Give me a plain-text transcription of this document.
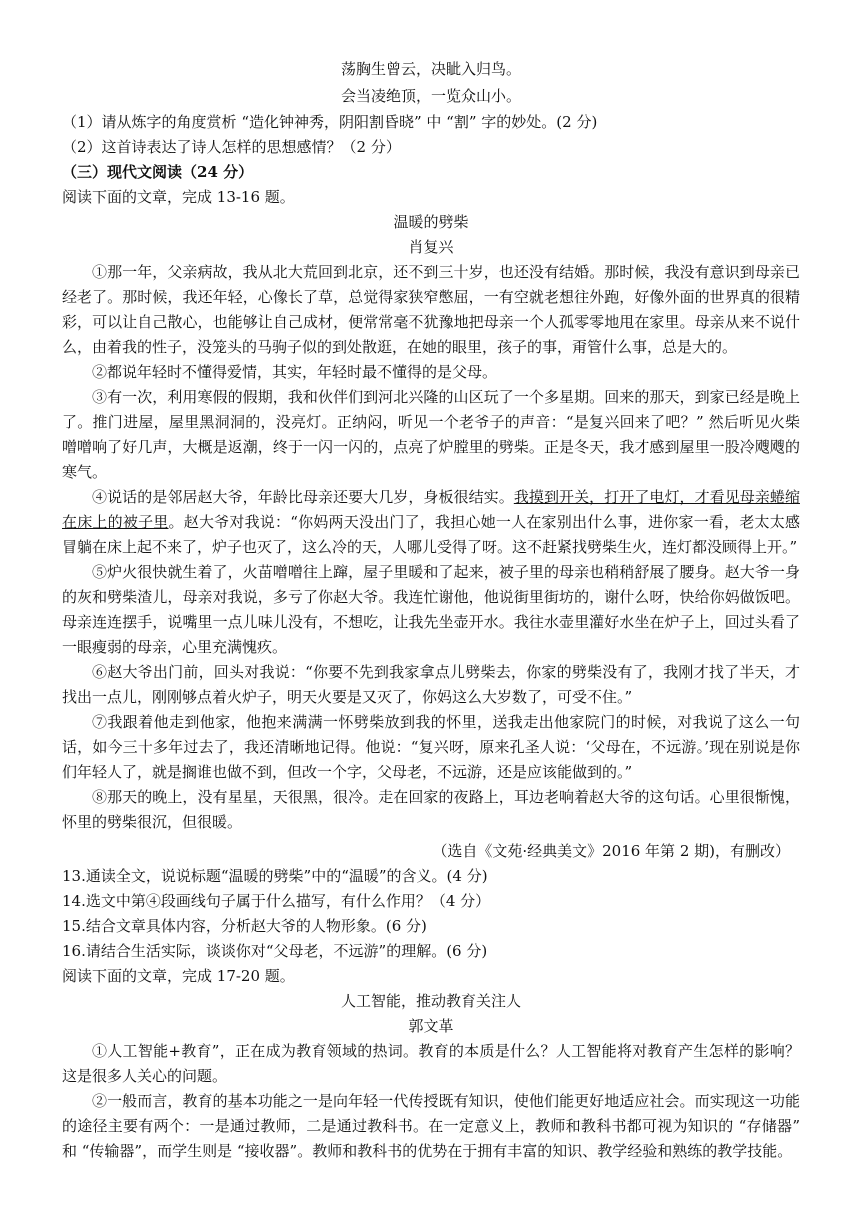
荡胸生曾云，决眦入归鸟。
会当凌绝顶，一览众山小。
（1）请从炼字的角度赏析 “造化钟神秀，阴阳割昏晓” 中 “割” 字的妙处。(2 分)
（2）这首诗表达了诗人怎样的思想感情？（2 分）
（三）现代文阅读（24 分）
阅读下面的文章，完成 13-16 题。
温暖的劈柴
肖复兴

①那一年，父亲病故，我从北大荒回到北京，还不到三十岁，也还没有结婚。那时候，我没有意识到母亲已经老了。那时候，我还年轻，心像长了草，总觉得家狭窄憋屈，一有空就老想往外跑，好像外面的世界真的很精彩，可以让自己散心，也能够让自己成材，便常常毫不犹豫地把母亲一个人孤零零地甩在家里。母亲从来不说什么，由着我的性子，没笼头的马驹子似的到处散逛，在她的眼里，孩子的事，甭管什么事，总是大的。

②都说年轻时不懂得爱情，其实，年轻时最不懂得的是父母。

③有一次，利用寒假的假期，我和伙伴们到河北兴隆的山区玩了一个多星期。回来的那天，到家已经是晚上了。推门进屋，屋里黑洞洞的，没亮灯。正纳闷，听见一个老爷子的声音：“是复兴回来了吧？” 然后听见火柴噌噌响了好几声，大概是返潮，终于一闪一闪的，点亮了炉膛里的劈柴。正是冬天，我才感到屋里一股冷飕飕的寒气。

④说话的是邻居赵大爷，年龄比母亲还要大几岁，身板很结实。我摸到开关，打开了电灯，才看见母亲蜷缩在床上的被子里。赵大爷对我说：“你妈两天没出门了，我担心她一人在家别出什么事，进你家一看，老太太感冒躺在床上起不来了，炉子也灭了，这么冷的天，人哪儿受得了呀。这不赶紧找劈柴生火，连灯都没顾得上开。”

⑤炉火很快就生着了，火苗噌噌往上蹿，屋子里暖和了起来，被子里的母亲也稍稍舒展了腰身。赵大爷一身的灰和劈柴渣儿，母亲对我说，多亏了你赵大爷。我连忙谢他，他说街里街坊的，谢什么呀，快给你妈做饭吧。母亲连连摆手，说嘴里一点儿味儿没有，不想吃，让我先坐壶开水。我往水壶里灌好水坐在炉子上，回过头看了一眼瘦弱的母亲，心里充满愧疚。

⑥赵大爷出门前，回头对我说：“你要不先到我家拿点儿劈柴去，你家的劈柴没有了，我刚才找了半天，才找出一点儿，刚刚够点着火炉子，明天火要是又灭了，你妈这么大岁数了，可受不住。”

⑦我跟着他走到他家，他抱来满满一怀劈柴放到我的怀里，送我走出他家院门的时候，对我说了这么一句话，如今三十多年过去了，我还清晰地记得。他说：“复兴呀，原来孔圣人说：‘父母在，不远游。’现在别说是你们年轻人了，就是搁谁也做不到，但改一个字，父母老，不远游，还是应该能做到的。”

⑧那天的晚上，没有星星，天很黑，很冷。走在回家的夜路上，耳边老响着赵大爷的这句话。心里很惭愧，怀里的劈柴很沉，但很暖。

（选自《文苑·经典美文》2016 年第 2 期)，有删改）
13.通读全文，说说标题“温暖的劈柴”中的“温暖”的含义。(4 分)
14.选文中第④段画线句子属于什么描写，有什么作用？（4 分）
15.结合文章具体内容，分析赵大爷的人物形象。(6 分)
16.请结合生活实际，谈谈你对“父母老，不远游”的理解。(6 分)
阅读下面的文章，完成 17-20 题。
人工智能，推动教育关注人
郭文革

①人工智能+教育”，正在成为教育领域的热词。教育的本质是什么？人工智能将对教育产生怎样的影响？这是很多人关心的问题。

②一般而言，教育的基本功能之一是向年轻一代传授既有知识，使他们能更好地适应社会。而实现这一功能的途径主要有两个：一是通过教师，二是通过教科书。在一定意义上，教师和教科书都可视为知识的 “存储器” 和 “传输器”，而学生则是 “接收器”。教师和教科书的优势在于拥有丰富的知识、教学经验和熟练的教学技能。
